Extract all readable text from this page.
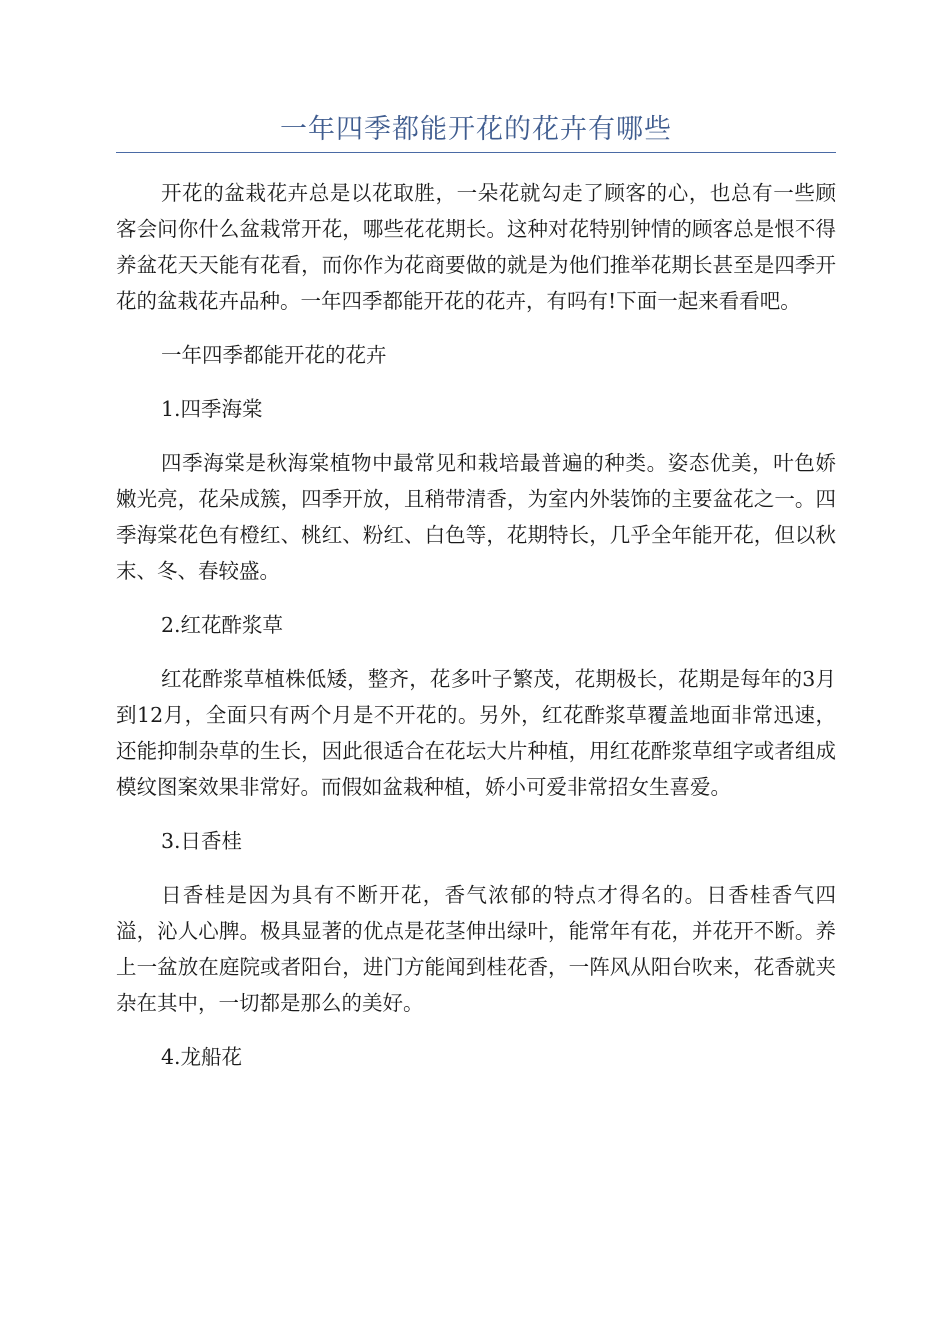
一年四季都能开花的花卉有哪些

开花的盆栽花卉总是以花取胜，一朵花就勾走了顾客的心，也总有一些顾客会问你什么盆栽常开花，哪些花花期长。这种对花特别钟情的顾客总是恨不得养盆花天天能有花看，而你作为花商要做的就是为他们推举花期长甚至是四季开花的盆栽花卉品种。一年四季都能开花的花卉，有吗有!下面一起来看看吧。

一年四季都能开花的花卉

1.四季海棠

四季海棠是秋海棠植物中最常见和栽培最普遍的种类。姿态优美，叶色娇嫩光亮，花朵成簇，四季开放，且稍带清香，为室内外装饰的主要盆花之一。四季海棠花色有橙红、桃红、粉红、白色等，花期特长，几乎全年能开花，但以秋末、冬、春较盛。

2.红花酢浆草

红花酢浆草植株低矮，整齐，花多叶子繁茂，花期极长，花期是每年的3月到12月，全面只有两个月是不开花的。另外，红花酢浆草覆盖地面非常迅速，还能抑制杂草的生长，因此很适合在花坛大片种植，用红花酢浆草组字或者组成模纹图案效果非常好。而假如盆栽种植，娇小可爱非常招女生喜爱。

3.日香桂

日香桂是因为具有不断开花，香气浓郁的特点才得名的。日香桂香气四溢，沁人心脾。极具显著的优点是花茎伸出绿叶，能常年有花，并花开不断。养上一盆放在庭院或者阳台，进门方能闻到桂花香，一阵风从阳台吹来，花香就夹杂在其中，一切都是那么的美好。

4.龙船花
